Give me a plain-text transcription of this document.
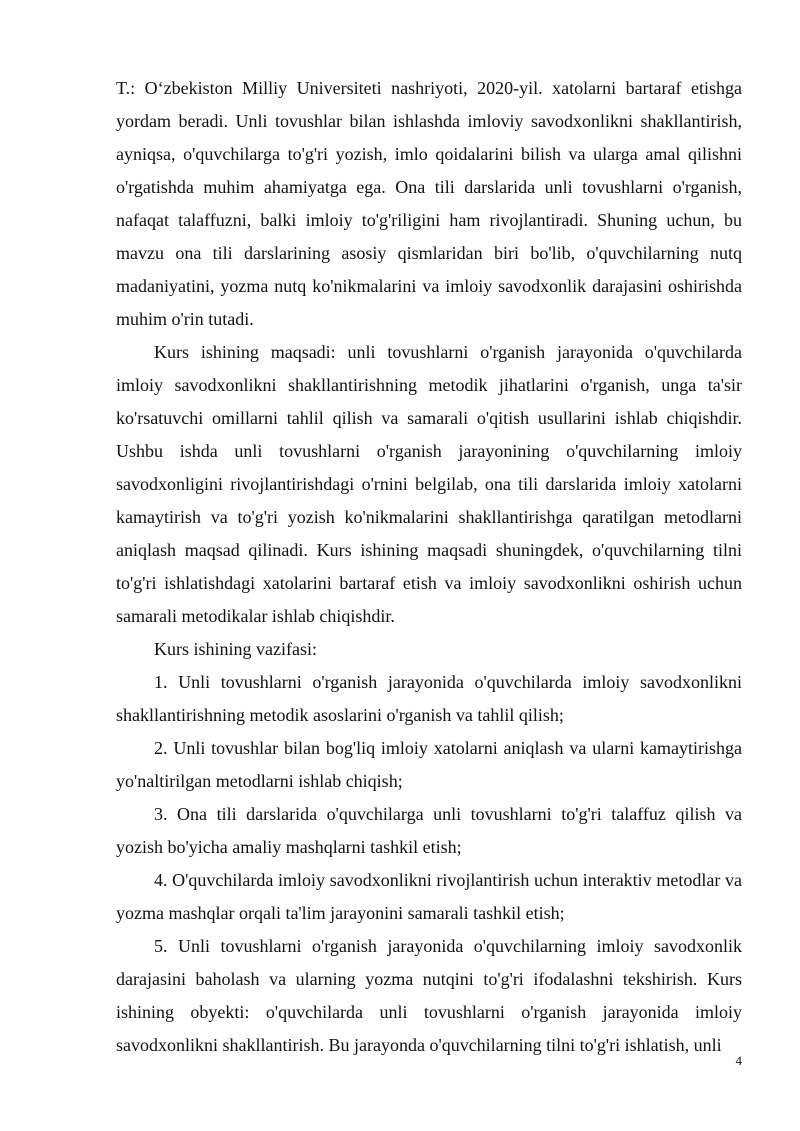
T.: O‘zbekiston Milliy Universiteti nashriyoti, 2020-yil. xatolarni bartaraf etishga yordam beradi. Unli tovushlar bilan ishlashda imloviy savodxonlikni shakllantirish, ayniqsa, o'quvchilarga to'g'ri yozish, imlo qoidalarini bilish va ularga amal qilishni o'rgatishda muhim ahamiyatga ega. Ona tili darslarida unli tovushlarni o'rganish, nafaqat talaffuzni, balki imloiy to'g'riligini ham rivojlantiradi. Shuning uchun, bu mavzu ona tili darslarining asosiy qismlaridan biri bo'lib, o'quvchilarning nutq madaniyatini, yozma nutq ko'nikmalarini va imloiy savodxonlik darajasini oshirishda muhim o'rin tutadi.

Kurs ishining maqsadi: unli tovushlarni o'rganish jarayonida o'quvchilarda imloiy savodxonlikni shakllantirishning metodik jihatlarini o'rganish, unga ta'sir ko'rsatuvchi omillarni tahlil qilish va samarali o'qitish usullarini ishlab chiqishdir. Ushbu ishda unli tovushlarni o'rganish jarayonining o'quvchilarning imloiy savodxonligini rivojlantirishdagi o'rnini belgilab, ona tili darslarida imloiy xatolarni kamaytirish va to'g'ri yozish ko'nikmalarini shakllantirishga qaratilgan metodlarni aniqlash maqsad qilinadi. Kurs ishining maqsadi shuningdek, o'quvchilarning tilni to'g'ri ishlatishdagi xatolarini bartaraf etish va imloiy savodxonlikni oshirish uchun samarali metodikalar ishlab chiqishdir.

Kurs ishining vazifasi:

1. Unli tovushlarni o'rganish jarayonida o'quvchilarda imloiy savodxonlikni shakllantirishning metodik asoslarini o'rganish va tahlil qilish;

2. Unli tovushlar bilan bog'liq imloiy xatolarni aniqlash va ularni kamaytirishga yo'naltirilgan metodlarni ishlab chiqish;

3. Ona tili darslarida o'quvchilarga unli tovushlarni to'g'ri talaffuz qilish va yozish bo'yicha amaliy mashqlarni tashkil etish;

4. O'quvchilarda imloiy savodxonlikni rivojlantirish uchun interaktiv metodlar va yozma mashqlar orqali ta'lim jarayonini samarali tashkil etish;

5. Unli tovushlarni o'rganish jarayonida o'quvchilarning imloiy savodxonlik darajasini baholash va ularning yozma nutqini to'g'ri ifodalashni tekshirish. Kurs ishining obyekti: o'quvchilarda unli tovushlarni o'rganish jarayonida imloiy savodxonlikni shakllantirish. Bu jarayonda o'quvchilarning tilni to'g'ri ishlatish, unli

4
